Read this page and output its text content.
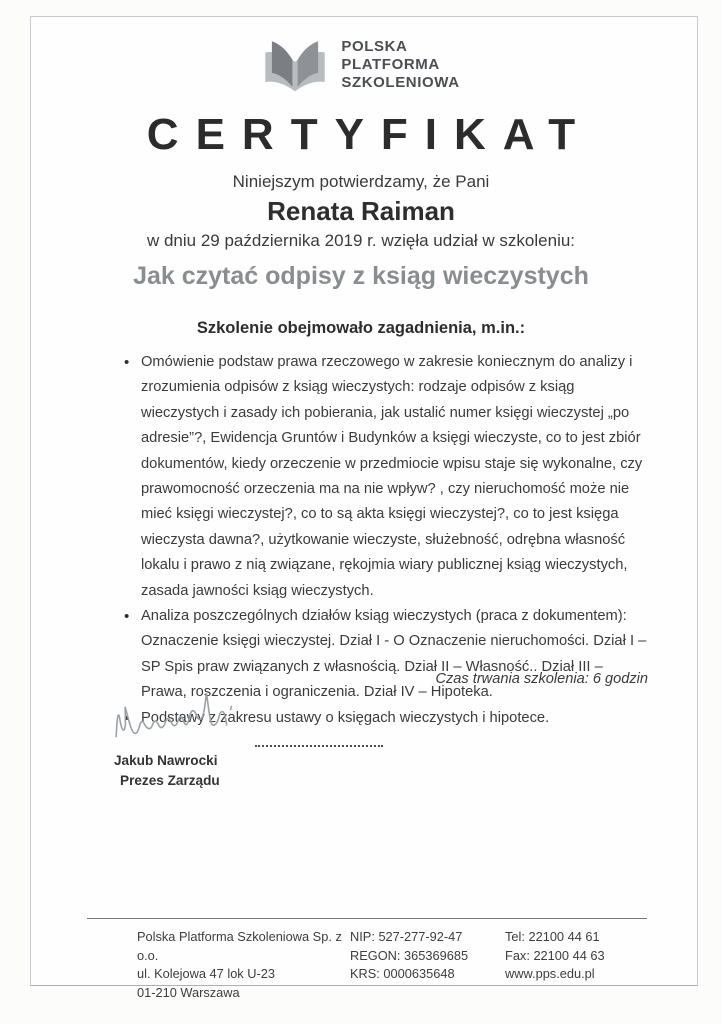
POLSKA
PLATFORMA
SZKOLENIOWA
CERTYFIKAT
Niniejszym potwierdzamy, że Pani
Renata Raiman
w dniu 29 października 2019 r. wzięła udział w szkoleniu:
Jak czytać odpisy z ksiąg wieczystych
Szkolenie obejmowało zagadnienia, m.in.:
• Omówienie podstaw prawa rzeczowego w zakresie koniecznym do analizy i zrozumienia odpisów z ksiąg wieczystych: rodzaje odpisów z ksiąg wieczystych i zasady ich pobierania, jak ustalić numer księgi wieczystej „po adresie”?, Ewidencja Gruntów i Budynków a księgi wieczyste, co to jest zbiór dokumentów, kiedy orzeczenie w przedmiocie wpisu staje się wykonalne, czy prawomocność orzeczenia ma na nie wpływ? , czy nieruchomość może nie mieć księgi wieczystej?, co to są akta księgi wieczystej?, co to jest księga wieczysta dawna?, użytkowanie wieczyste, służebność, odrębna własność lokalu i prawo z nią związane, rękojmia wiary publicznej ksiąg wieczystych, zasada jawności ksiąg wieczystych.
• Analiza poszczególnych działów ksiąg wieczystych (praca z dokumentem): Oznaczenie księgi wieczystej. Dział I - O Oznaczenie nieruchomości. Dział I – SP Spis praw związanych z własnością. Dział II – Własność.. Dział III – Prawa, roszczenia i ograniczenia. Dział IV – Hipoteka.
• Podstawy z zakresu ustawy o księgach wieczystych i hipotece.
Czas trwania szkolenia: 6 godzin
Jakub Nawrocki
Prezes Zarządu
Polska Platforma Szkoleniowa Sp. z o.o.
ul. Kolejowa 47 lok U-23
01-210 Warszawa
NIP: 527-277-92-47
REGON: 365369685
KRS: 0000635648
Tel: 22100 44 61
Fax: 22100 44 63
www.pps.edu.pl
